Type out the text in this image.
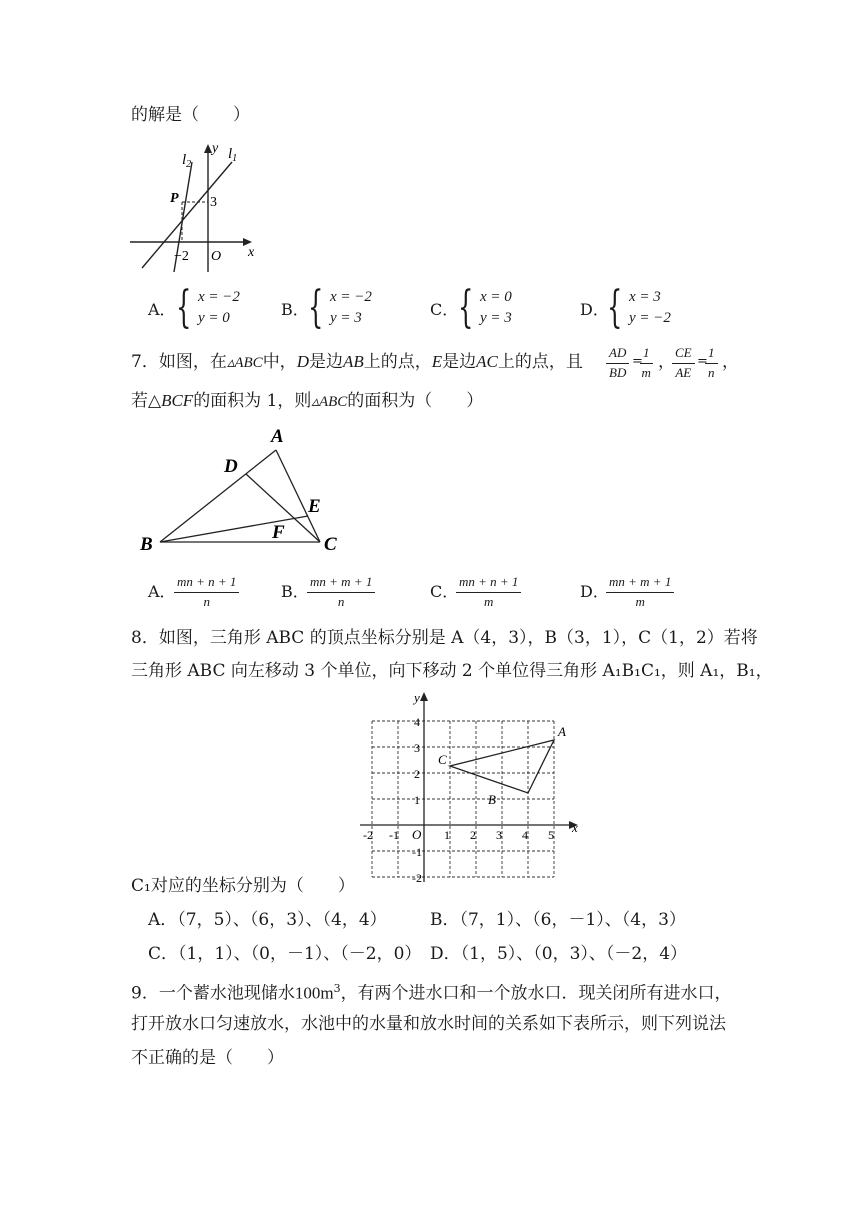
的解是（　　）
$l_2$
$l_1$
y
x
P 3
−2 O
A． { x = −2
y = 0	B． { x = −2
y = 3	C． { x = 0
y = 3	D．
{ x = 3
y = −2
7．如图，在▵ABC中，D是边AB上的点，E是边AC上的点，且 $\frac{AD}{BD}$ =
$\frac{1}{m}$ ，
$\frac{CE}{AE}$ =
$\frac{1}{n}$ ，
若△BCF的面积为 1，则▵ABC的面积为（　　）
A
D
E
B
F
C
A．
$\frac{mn + n + 1}{n}$	B．
$\frac{mn + m + 1}{n}$	C．
$\frac{mn + n + 1}{m}$	D．
$\frac{mn + m + 1}{m}$
8．如图，三角形 ABC 的顶点坐标分别是 A（4，3），B（3，1），C（1，2）若将
三角形 ABC 向左移动 3 个单位，向下移动 2 个单位得三角形 A₁B₁C₁，则 A₁，B₁，
y
x
O
A
B
C
-2 -1	1 2 3 4 5
4
3
2
1
-1
-2
C₁对应的坐标分别为（　　）
A．（7，5）、（6，3）、（4，4）	B．（7，1）、（6，－1）、（4，3）
C．（1，1）、（0，－1）、（－2，0） D．（1，5）、（0，3）、（－2，4）
9．一个蓄水池现储水$100m^3$，有两个进水口和一个放水口．现关闭所有进水口，
打开放水口匀速放水，水池中的水量和放水时间的关系如下表所示，则下列说法
不正确的是（　　）
